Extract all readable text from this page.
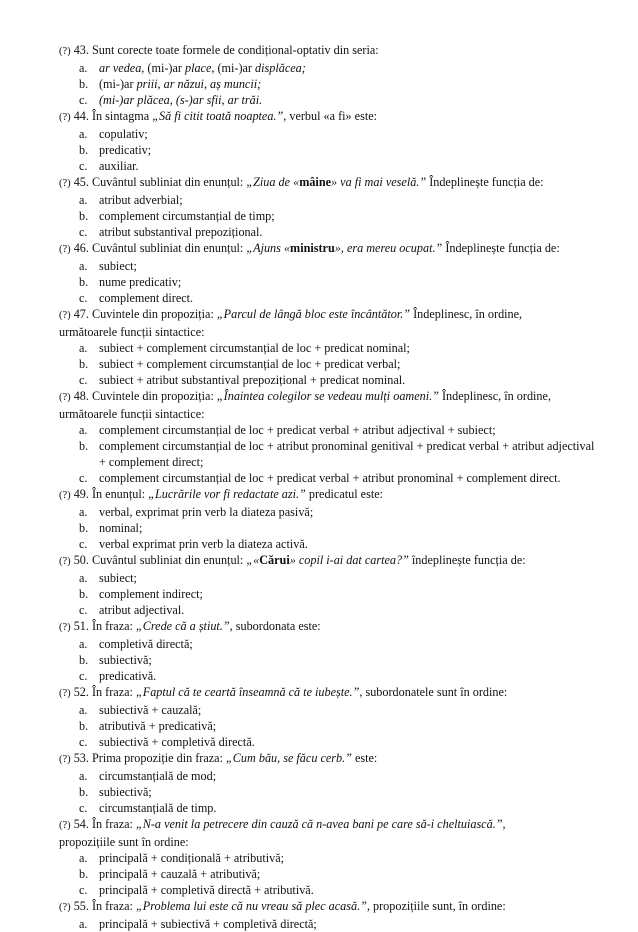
(?) 43. Sunt corecte toate formele de condițional-optativ din seria:
a. ar vedea, (mi-)ar place, (mi-)ar displăcea;
b. (mi-)ar priii, ar năzui, aș muncii;
c. (mi-)ar plăcea, (s-)ar sfii, ar trăi.
(?) 44. În sintagma „Să fi citit toată noaptea.”, verbul «a fi» este:
a. copulativ;
b. predicativ;
c. auxiliar.
(?) 45. Cuvântul subliniat din enunțul: „Ziua de «mâine» va fi mai veselă.” Îndeplinește funcția de:
a. atribut adverbial;
b. complement circumstanțial de timp;
c. atribut substantival prepozițional.
(?) 46. Cuvântul subliniat din enunțul: „Ajuns «ministru», era mereu ocupat.” Îndeplinește funcția de:
a. subiect;
b. nume predicativ;
c. complement direct.
(?) 47. Cuvintele din propoziția: „Parcul de lângă bloc este încântător.” Îndeplinesc, în ordine,
următoarele funcții sintactice:
a. subiect + complement circumstanțial de loc + predicat nominal;
b. subiect + complement circumstanțial de loc + predicat verbal;
c. subiect + atribut substantival prepozițional + predicat nominal.
(?) 48. Cuvintele din propoziția: „Înaintea colegilor se vedeau mulți oameni.” Îndeplinesc, în ordine,
următoarele funcții sintactice:
a. complement circumstanțial de loc + predicat verbal + atribut adjectival + subiect;
b. complement circumstanțial de loc + atribut pronominal genitival + predicat verbal + atribut adjectival + complement direct;
c. complement circumstanțial de loc + predicat verbal + atribut pronominal + complement direct.
(?) 49. În enunțul: „Lucrările vor fi redactate azi.” predicatul este:
a. verbal, exprimat prin verb la diateza pasivă;
b. nominal;
c. verbal exprimat prin verb la diateza activă.
(?) 50. Cuvântul subliniat din enunțul: „«Cărui» copil i-ai dat cartea?” îndeplinește funcția de:
a. subiect;
b. complement indirect;
c. atribut adjectival.
(?) 51. În fraza: „Crede că a știut.”, subordonata este:
a. completivă directă;
b. subiectivă;
c. predicativă.
(?) 52. În fraza: „Faptul că te ceartă înseamnă că te iubește.”, subordonatele sunt în ordine:
a. subiectivă + cauzală;
b. atributivă + predicativă;
c. subiectivă + completivă directă.
(?) 53. Prima propoziție din fraza: „Cum bău, se făcu cerb.” este:
a. circumstanțială de mod;
b. subiectivă;
c. circumstanțială de timp.
(?) 54. În fraza: „N-a venit la petrecere din cauză că n-avea bani pe care să-i cheltuiască.”,
propozițiile sunt în ordine:
a. principală + condițională + atributivă;
b. principală + cauzală + atributivă;
c. principală + completivă directă + atributivă.
(?) 55. În fraza: „Problema lui este că nu vreau să plec acasă.”, propozițiile sunt, în ordine:
a. principală + subiectivă + completivă directă;
